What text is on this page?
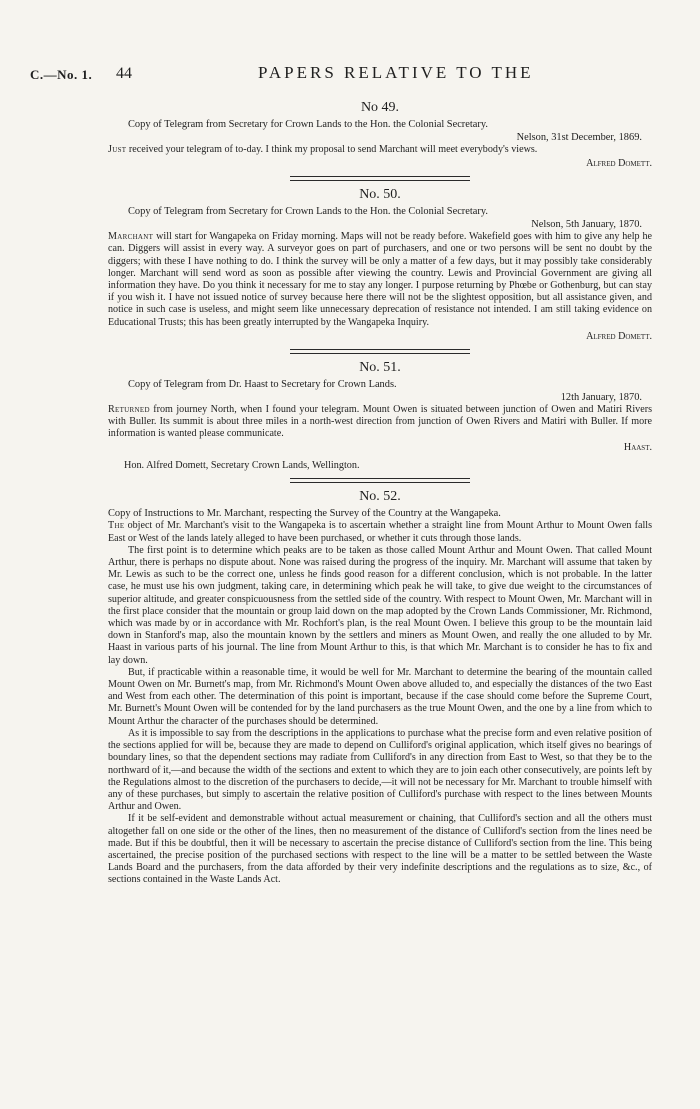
C.—No. 1. 44	PAPERS RELATIVE TO THE

No 49.

Copy of Telegram from Secretary for Crown Lands to the Hon. the Colonial Secretary.

Nelson, 31st December, 1869.

Just received your telegram of to-day. I think my proposal to send Marchant will meet everybody's views.

Alfred Domett.

No. 50.

Copy of Telegram from Secretary for Crown Lands to the Hon. the Colonial Secretary.

Nelson, 5th January, 1870.

Marchant will start for Wangapeka on Friday morning. Maps will not be ready before. Wakefield goes with him to give any help he can. Diggers will assist in every way. A surveyor goes on part of purchasers, and one or two persons will be sent no doubt by the diggers; with these I have nothing to do. I think the survey will be only a matter of a few days, but it may possibly take considerably longer. Marchant will send word as soon as possible after viewing the country. Lewis and Provincial Government are giving all information they have. Do you think it necessary for me to stay any longer. I purpose returning by Phœbe or Gothenburg, but can stay if you wish it. I have not issued notice of survey because here there will not be the slightest opposition, but all assistance given, and notice in such case is useless, and might seem like unnecessary deprecation of resistance not intended. I am still taking evidence on Educational Trusts; this has been greatly interrupted by the Wangapeka Inquiry.

Alfred Domett.

No. 51.

Copy of Telegram from Dr. Haast to Secretary for Crown Lands.

12th January, 1870.

Returned from journey North, when I found your telegram. Mount Owen is situated between junction of Owen and Matiri Rivers with Buller. Its summit is about three miles in a north-west direction from junction of Owen Rivers and Matiri with Buller. If more information is wanted please communicate.

Haast.

Hon. Alfred Domett, Secretary Crown Lands, Wellington.

No. 52.

Copy of Instructions to Mr. Marchant, respecting the Survey of the Country at the Wangapeka.

The object of Mr. Marchant's visit to the Wangapeka is to ascertain whether a straight line from Mount Arthur to Mount Owen falls East or West of the lands lately alleged to have been purchased, or whether it cuts through those lands.

The first point is to determine which peaks are to be taken as those called Mount Arthur and Mount Owen. That called Mount Arthur, there is perhaps no dispute about. None was raised during the progress of the inquiry. Mr. Marchant will assume that taken by Mr. Lewis as such to be the correct one, unless he finds good reason for a different conclusion, which is not probable. In the latter case, he must use his own judgment, taking care, in determining which peak he will take, to give due weight to the circumstances of superior altitude, and greater conspicuousness from the settled side of the country. With respect to Mount Owen, Mr. Marchant will in the first place consider that the mountain or group laid down on the map adopted by the Crown Lands Commissioner, Mr. Richmond, which was made by or in accordance with Mr. Rochfort's plan, is the real Mount Owen. I believe this group to be the mountain laid down in Stanford's map, also the mountain known by the settlers and miners as Mount Owen, and really the one alluded to by Mr. Haast in various parts of his journal. The line from Mount Arthur to this, is that which Mr. Marchant is to consider he has to fix and lay down.

But, if practicable within a reasonable time, it would be well for Mr. Marchant to determine the bearing of the mountain called Mount Owen on Mr. Burnett's map, from Mr. Richmond's Mount Owen above alluded to, and especially the distances of the two East and West from each other. The determination of this point is important, because if the case should come before the Supreme Court, Mr. Burnett's Mount Owen will be contended for by the land purchasers as the true Mount Owen, and the one by a line from which to Mount Arthur the character of the purchases should be determined.

As it is impossible to say from the descriptions in the applications to purchase what the precise form and even relative position of the sections applied for will be, because they are made to depend on Culliford's original application, which itself gives no bearings of boundary lines, so that the dependent sections may radiate from Culliford's in any direction from East to West, so that they be to the northward of it,—and because the width of the sections and extent to which they are to join each other consecutively, are points left by the Regulations almost to the discretion of the purchasers to decide,—it will not be necessary for Mr. Marchant to trouble himself with any of these purchases, but simply to ascertain the relative position of Culliford's purchase with respect to the lines between Mounts Arthur and Owen.

If it be self-evident and demonstrable without actual measurement or chaining, that Culliford's section and all the others must altogether fall on one side or the other of the lines, then no measurement of the distance of Culliford's section from the lines need be made. But if this be doubtful, then it will be necessary to ascertain the precise distance of Culliford's section from the line. This being ascertained, the precise position of the purchased sections with respect to the line will be a matter to be settled between the Waste Lands Board and the purchasers, from the data afforded by their very indefinite descriptions and the regulations as to size, &c., of sections contained in the Waste Lands Act.
